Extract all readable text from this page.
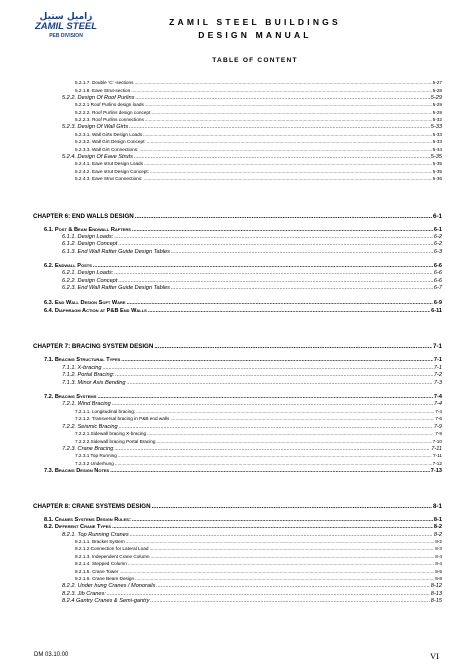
زاميل ستيل
ZAMIL STEEL
PEB DIVISION
ZAMIL STEEL BUILDINGS
DESIGN MANUAL
TABLE OF CONTENT
5.2.1.7. Double ‘C’ -sections .....	5-27
5.2.1.8. Eave Strut-section .....	5-28
5.2.2. Design Of Roof Purlins .....	5-29
5.2.2.1 Roof Purlins design loads .....	5-29
5.2.2.2. Roof Purlins design concept .....	5-29
5.2.2.3. Roof Purlins connections .....	5-32
5.2.3. Design Of Wall Girts .....	5-33
5.2.3.1. Wall Girts Design Loads .....	5-33
5.2.3.2. Wall Girt Design Concept: .....	5-33
5.2.3.3. Wall Girt Connections: .....	5-34
5.2.4. Design Of Eave Struts .....	5-35
5.2.4.1. Eave strut Design Loads .....	5-35
5.2.4.2. Eave strut Design Concept: .....	5-35
5.2.4.3. Eave Strut Connections: .....	5-36
CHAPTER 6: END WALLS DESIGN .....	6-1
6.1. Post & Beam Endwall Rafters .....	6-1
6.1.1. Design Loads: .....	6-2
6.1.2. Design Concept .....	6-2
6.1.3. End Wall Rafter Guide Design Tables .....	6-3
6.2. Endwall Posts .....	6-6
6.2.1. Design Loads: .....	6-6
6.2.2. Design Concept .....	6-6
6.2.3. End Wall Rafter Guide Design Tables .....	6-7
6.3. End Wall Design Soft Ware .....	6-9
6.4. Diaphragm Action at P&B End Walls .....	6-11
CHAPTER 7: BRACING SYSTEM DESIGN .....	7-1
7.1. Bracing Structural Types .....	7-1
7.1.1. X-bracing .....	7-1
7.1.2. Portal Bracing: .....	7-2
7.1.3. Minor Axis Bending .....	7-3
7.2. Bracing Systems .....	7-4
7.2.1. Wind Bracing .....	7-4
7.2.1.1. Longitudinal bracing: .....	7-4
7.2.1.2. Transversal bracing in P&B end walls .....	7-6
7.2.2. Seismic Bracing .....	7-9
7.2.2.1.Sidewall bracing X-bracing .....	7-9
7.2.2.2.Sidewall bracing Portal Bracing .....	7-10
7.2.3. Crane Bracing .....	7-11
7.2.3.1 Top Running .....	7-11
7.2.3.2 Underhung .....	7-12
7.3. Bracing Design Notes .....	7-13
CHAPTER 8: CRANE SYSTEMS DESIGN .....	8-1
8.1. Cranes Systems Design Rules: .....	8-1
8.2. Different Crane Types .....	8-2
8.2.1. Top Running Cranes .....	8-2
8.2.1.1. Bracket System .....	8-2
8.2.1.2.Connection for Lateral Load .....	8-3
8.2.1.3. Independent Crane Column .....	8-4
8.2.1.4. Stepped Column .....	8-4
8.2.1.5. Crane Tower .....	8-5
8.2.1.6. Crane Beam Design .....	8-8
8.2.2. Under hung Cranes / Monorails .....	8-12
8.2.3. Jib Cranes: .....	8-13
8.2.4 Gantry Cranes & Semi-gantry .....	8-15
DM 03.10.00	VI
